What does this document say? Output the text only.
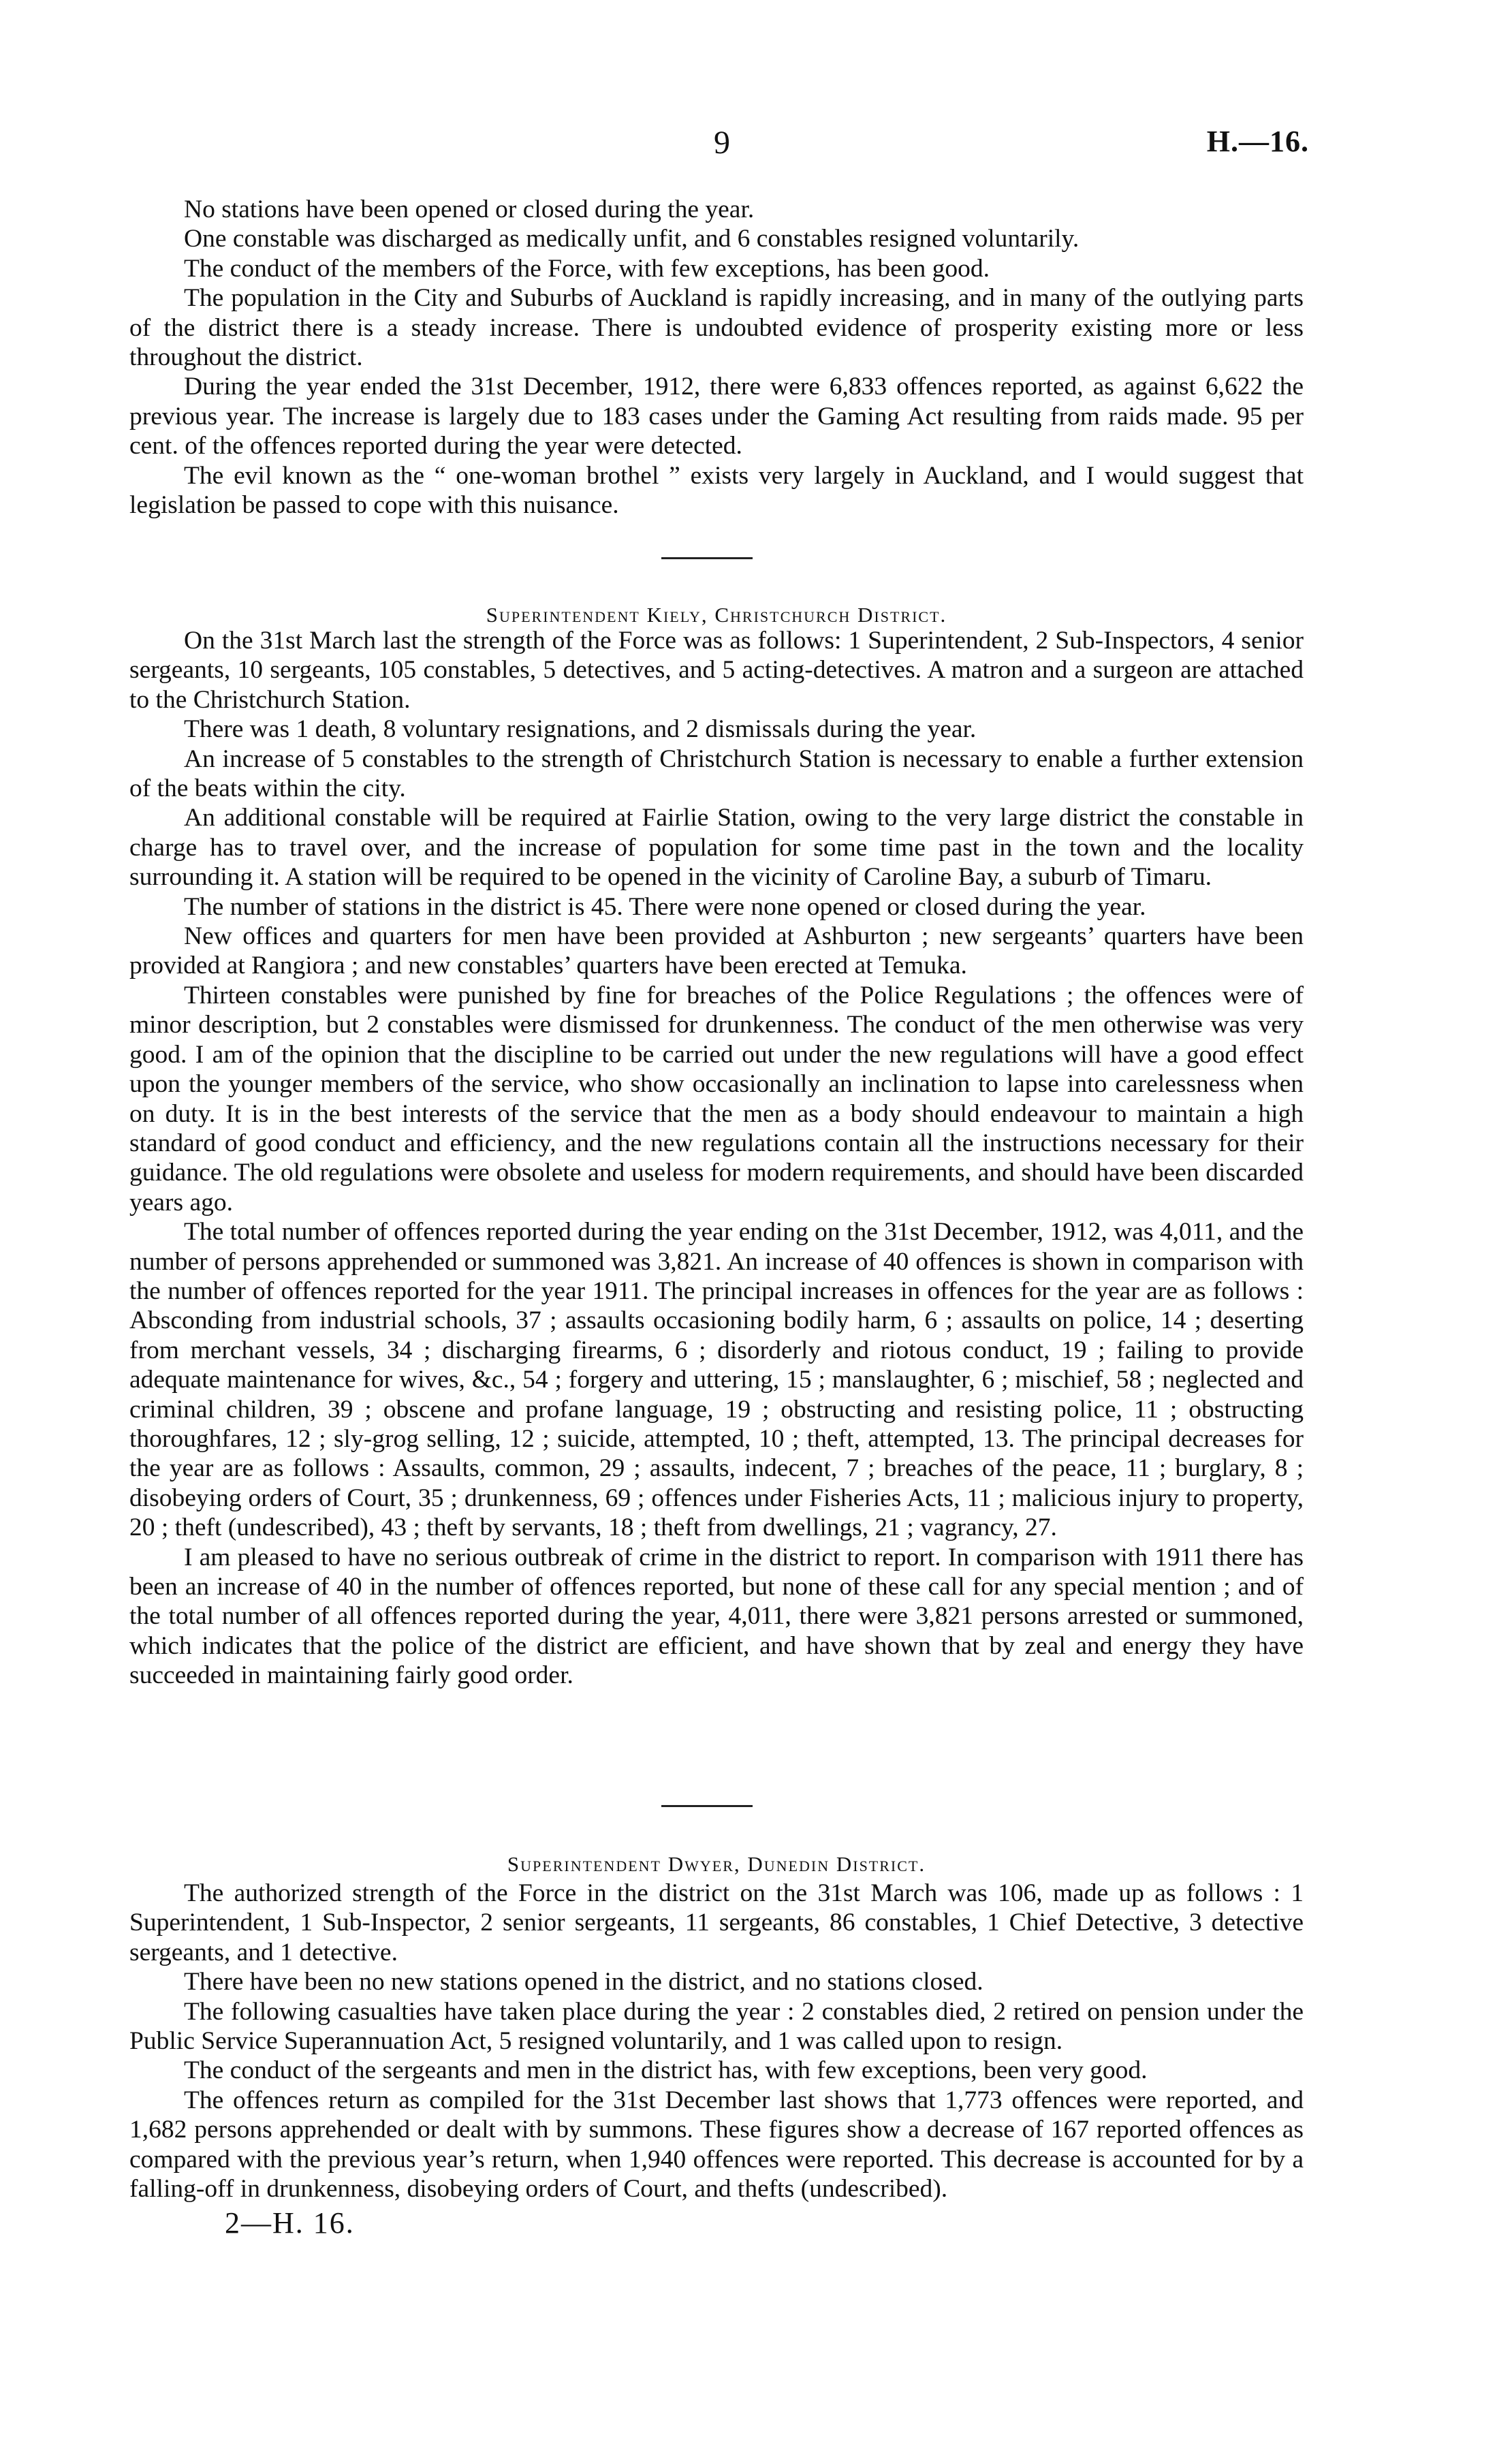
9	H.—16.

No stations have been opened or closed during the year.

One constable was discharged as medically unfit, and 6 constables resigned voluntarily.

The conduct of the members of the Force, with few exceptions, has been good.

The population in the City and Suburbs of Auckland is rapidly increasing, and in many of the outlying parts of the district there is a steady increase. There is undoubted evidence of prosperity existing more or less throughout the district.

During the year ended the 31st December, 1912, there were 6,833 offences reported, as against 6,622 the previous year. The increase is largely due to 183 cases under the Gaming Act resulting from raids made. 95 per cent. of the offences reported during the year were detected.

The evil known as the “ one-woman brothel ” exists very largely in Auckland, and I would suggest that legislation be passed to cope with this nuisance.

Superintendent Kiely, Christchurch District.

On the 31st March last the strength of the Force was as follows: 1 Superintendent, 2 Sub-Inspectors, 4 senior sergeants, 10 sergeants, 105 constables, 5 detectives, and 5 acting-detectives. A matron and a surgeon are attached to the Christchurch Station.

There was 1 death, 8 voluntary resignations, and 2 dismissals during the year.

An increase of 5 constables to the strength of Christchurch Station is necessary to enable a further extension of the beats within the city.

An additional constable will be required at Fairlie Station, owing to the very large district the constable in charge has to travel over, and the increase of population for some time past in the town and the locality surrounding it. A station will be required to be opened in the vicinity of Caroline Bay, a suburb of Timaru.

The number of stations in the district is 45. There were none opened or closed during the year.

New offices and quarters for men have been provided at Ashburton ; new sergeants’ quarters have been provided at Rangiora ; and new constables’ quarters have been erected at Temuka.

Thirteen constables were punished by fine for breaches of the Police Regulations ; the offences were of minor description, but 2 constables were dismissed for drunkenness. The conduct of the men otherwise was very good. I am of the opinion that the discipline to be carried out under the new regulations will have a good effect upon the younger members of the service, who show occasionally an inclination to lapse into carelessness when on duty. It is in the best interests of the service that the men as a body should endeavour to maintain a high standard of good conduct and efficiency, and the new regulations contain all the instructions necessary for their guidance. The old regulations were obsolete and useless for modern requirements, and should have been discarded years ago.

The total number of offences reported during the year ending on the 31st December, 1912, was 4,011, and the number of persons apprehended or summoned was 3,821. An increase of 40 offences is shown in comparison with the number of offences reported for the year 1911. The principal increases in offences for the year are as follows : Absconding from industrial schools, 37 ; assaults occasioning bodily harm, 6 ; assaults on police, 14 ; deserting from merchant vessels, 34 ; discharging firearms, 6 ; disorderly and riotous conduct, 19 ; failing to provide adequate maintenance for wives, &c., 54 ; forgery and uttering, 15 ; manslaughter, 6 ; mischief, 58 ; neglected and criminal children, 39 ; obscene and profane language, 19 ; obstructing and resisting police, 11 ; obstructing thoroughfares, 12 ; sly-grog selling, 12 ; suicide, attempted, 10 ; theft, attempted, 13. The principal decreases for the year are as follows : Assaults, common, 29 ; assaults, indecent, 7 ; breaches of the peace, 11 ; burglary, 8 ; disobeying orders of Court, 35 ; drunkenness, 69 ; offences under Fisheries Acts, 11 ; malicious injury to property, 20 ; theft (undescribed), 43 ; theft by servants, 18 ; theft from dwellings, 21 ; vagrancy, 27.

I am pleased to have no serious outbreak of crime in the district to report. In comparison with 1911 there has been an increase of 40 in the number of offences reported, but none of these call for any special mention ; and of the total number of all offences reported during the year, 4,011, there were 3,821 persons arrested or summoned, which indicates that the police of the district are efficient, and have shown that by zeal and energy they have succeeded in maintaining fairly good order.

Superintendent Dwyer, Dunedin District.

The authorized strength of the Force in the district on the 31st March was 106, made up as follows : 1 Superintendent, 1 Sub-Inspector, 2 senior sergeants, 11 sergeants, 86 constables, 1 Chief Detective, 3 detective sergeants, and 1 detective.

There have been no new stations opened in the district, and no stations closed.

The following casualties have taken place during the year : 2 constables died, 2 retired on pension under the Public Service Superannuation Act, 5 resigned voluntarily, and 1 was called upon to resign.

The conduct of the sergeants and men in the district has, with few exceptions, been very good.

The offences return as compiled for the 31st December last shows that 1,773 offences were reported, and 1,682 persons apprehended or dealt with by summons. These figures show a decrease of 167 reported offences as compared with the previous year’s return, when 1,940 offences were reported. This decrease is accounted for by a falling-off in drunkenness, disobeying orders of Court, and thefts (undescribed).

2—H. 16.
